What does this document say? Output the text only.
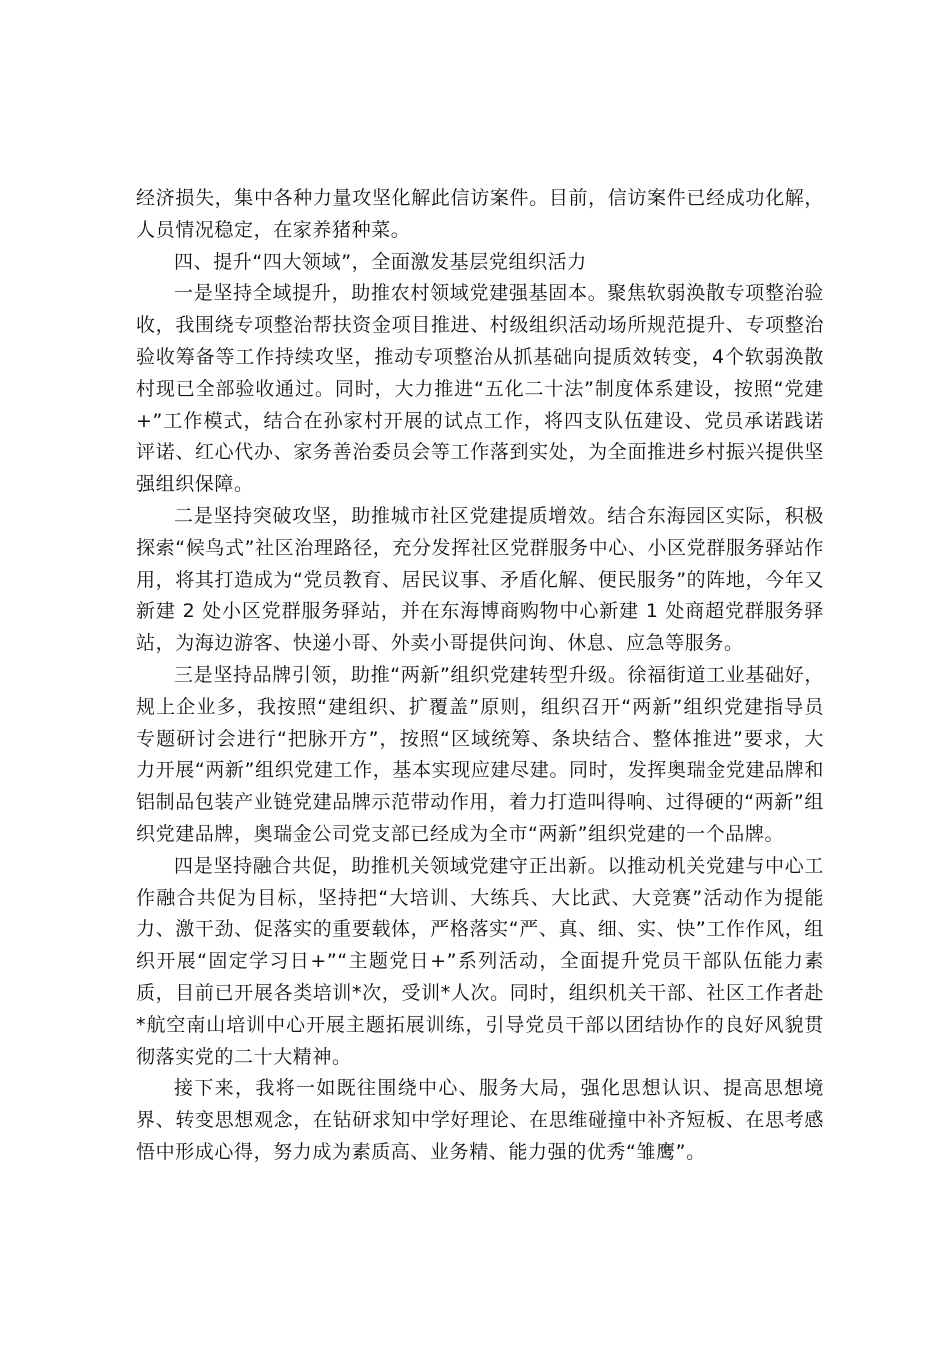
经济损失，集中各种力量攻坚化解此信访案件。目前，信访案件已经成功化解，人员情况稳定，在家养猪种菜。

四、提升“四大领域”，全面激发基层党组织活力

一是坚持全域提升，助推农村领域党建强基固本。聚焦软弱涣散专项整治验收，我围绕专项整治帮扶资金项目推进、村级组织活动场所规范提升、专项整治验收筹备等工作持续攻坚，推动专项整治从抓基础向提质效转变，4个软弱涣散村现已全部验收通过。同时，大力推进“五化二十法”制度体系建设，按照“党建+”工作模式，结合在孙家村开展的试点工作，将四支队伍建设、党员承诺践诺评诺、红心代办、家务善治委员会等工作落到实处，为全面推进乡村振兴提供坚强组织保障。

二是坚持突破攻坚，助推城市社区党建提质增效。结合东海园区实际，积极探索“候鸟式”社区治理路径，充分发挥社区党群服务中心、小区党群服务驿站作用，将其打造成为“党员教育、居民议事、矛盾化解、便民服务”的阵地，今年又新建 2 处小区党群服务驿站，并在东海博商购物中心新建 1 处商超党群服务驿站，为海边游客、快递小哥、外卖小哥提供问询、休息、应急等服务。

三是坚持品牌引领，助推“两新”组织党建转型升级。徐福街道工业基础好，规上企业多，我按照“建组织、扩覆盖”原则，组织召开“两新”组织党建指导员专题研讨会进行“把脉开方”，按照“区域统筹、条块结合、整体推进”要求，大力开展“两新”组织党建工作，基本实现应建尽建。同时，发挥奥瑞金党建品牌和铝制品包装产业链党建品牌示范带动作用，着力打造叫得响、过得硬的“两新”组织党建品牌，奥瑞金公司党支部已经成为全市“两新”组织党建的一个品牌。

四是坚持融合共促，助推机关领域党建守正出新。以推动机关党建与中心工作融合共促为目标，坚持把“大培训、大练兵、大比武、大竞赛”活动作为提能力、激干劲、促落实的重要载体，严格落实“严、真、细、实、快”工作作风，组织开展“固定学习日+”“主题党日+”系列活动，全面提升党员干部队伍能力素质，目前已开展各类培训*次，受训*人次。同时，组织机关干部、社区工作者赴*航空南山培训中心开展主题拓展训练，引导党员干部以团结协作的良好风貌贯彻落实党的二十大精神。

接下来，我将一如既往围绕中心、服务大局，强化思想认识、提高思想境界、转变思想观念，在钻研求知中学好理论、在思维碰撞中补齐短板、在思考感悟中形成心得，努力成为素质高、业务精、能力强的优秀“雏鹰”。
